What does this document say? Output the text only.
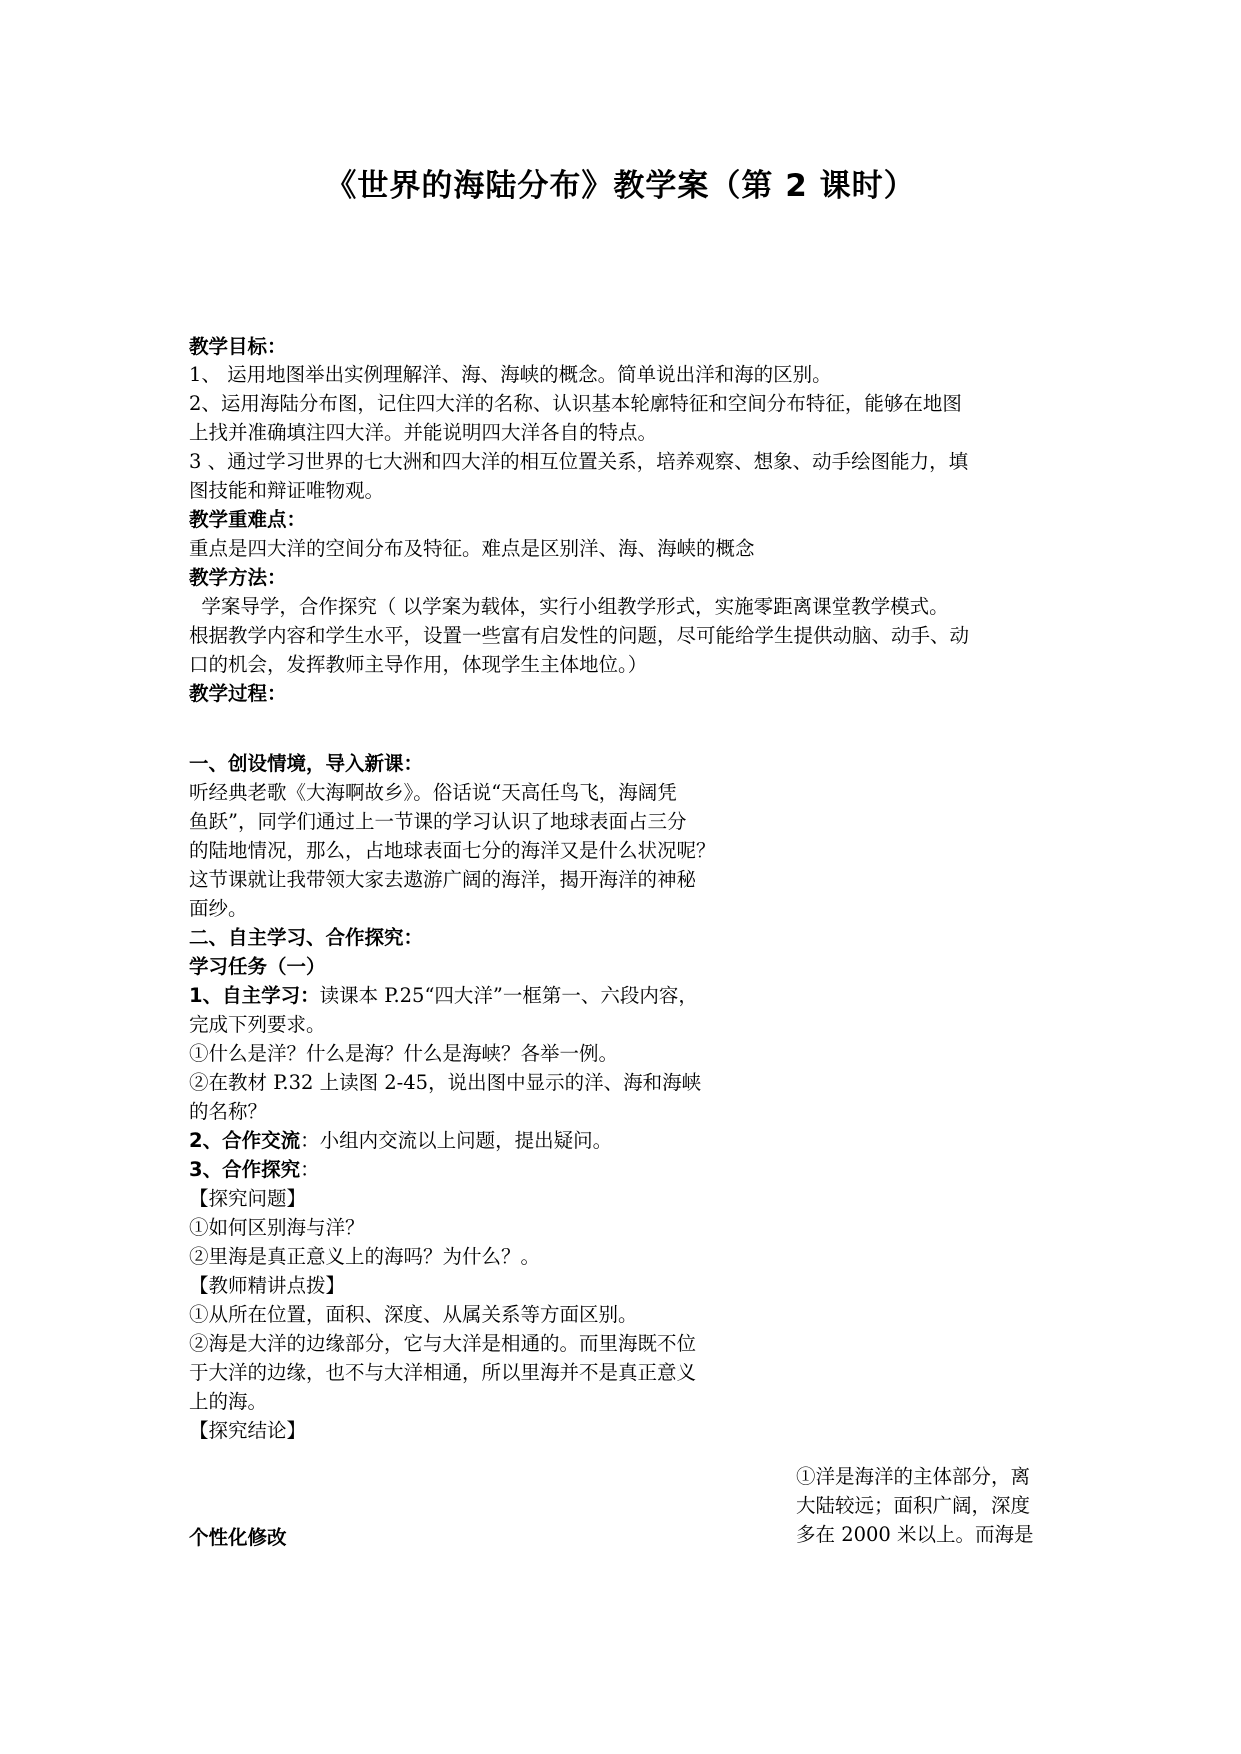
《世界的海陆分布》教学案（第 2 课时）
教学目标：
1、 运用地图举出实例理解洋、海、海峡的概念。简单说出洋和海的区别。
2、运用海陆分布图，记住四大洋的名称、认识基本轮廓特征和空间分布特征，能够在地图
上找并准确填注四大洋。并能说明四大洋各自的特点。
3 、通过学习世界的七大洲和四大洋的相互位置关系，培养观察、想象、动手绘图能力，填
图技能和辩证唯物观。
教学重难点：
重点是四大洋的空间分布及特征。难点是区别洋、海、海峡的概念
教学方法：
学案导学，合作探究（ 以学案为载体，实行小组教学形式，实施零距离课堂教学模式。
根据教学内容和学生水平，设置一些富有启发性的问题，尽可能给学生提供动脑、动手、动
口的机会，发挥教师主导作用，体现学生主体地位。）
教学过程：
一、创设情境，导入新课：
听经典老歌《大海啊故乡》。俗话说“天高任鸟飞，海阔凭
鱼跃”，同学们通过上一节课的学习认识了地球表面占三分
的陆地情况，那么，占地球表面七分的海洋又是什么状况呢？
这节课就让我带领大家去遨游广阔的海洋，揭开海洋的神秘
面纱。
二、自主学习、合作探究：
学习任务（一）
1、自主学习：读课本 P.25“四大洋”一框第一、六段内容，
完成下列要求。
①什么是洋？什么是海？什么是海峡？各举一例。
②在教材 P.32 上读图 2-45，说出图中显示的洋、海和海峡
的名称？
2、合作交流：小组内交流以上问题，提出疑问。
3、合作探究：
【探究问题】
①如何区别海与洋？
②里海是真正意义上的海吗？为什么？。
【教师精讲点拨】
①从所在位置，面积、深度、从属关系等方面区别。
②海是大洋的边缘部分，它与大洋是相通的。而里海既不位
于大洋的边缘，也不与大洋相通，所以里海并不是真正意义
上的海。
【探究结论】
①洋是海洋的主体部分，离
大陆较远；面积广阔，深度
多在 2000 米以上。而海是
个性化修改
